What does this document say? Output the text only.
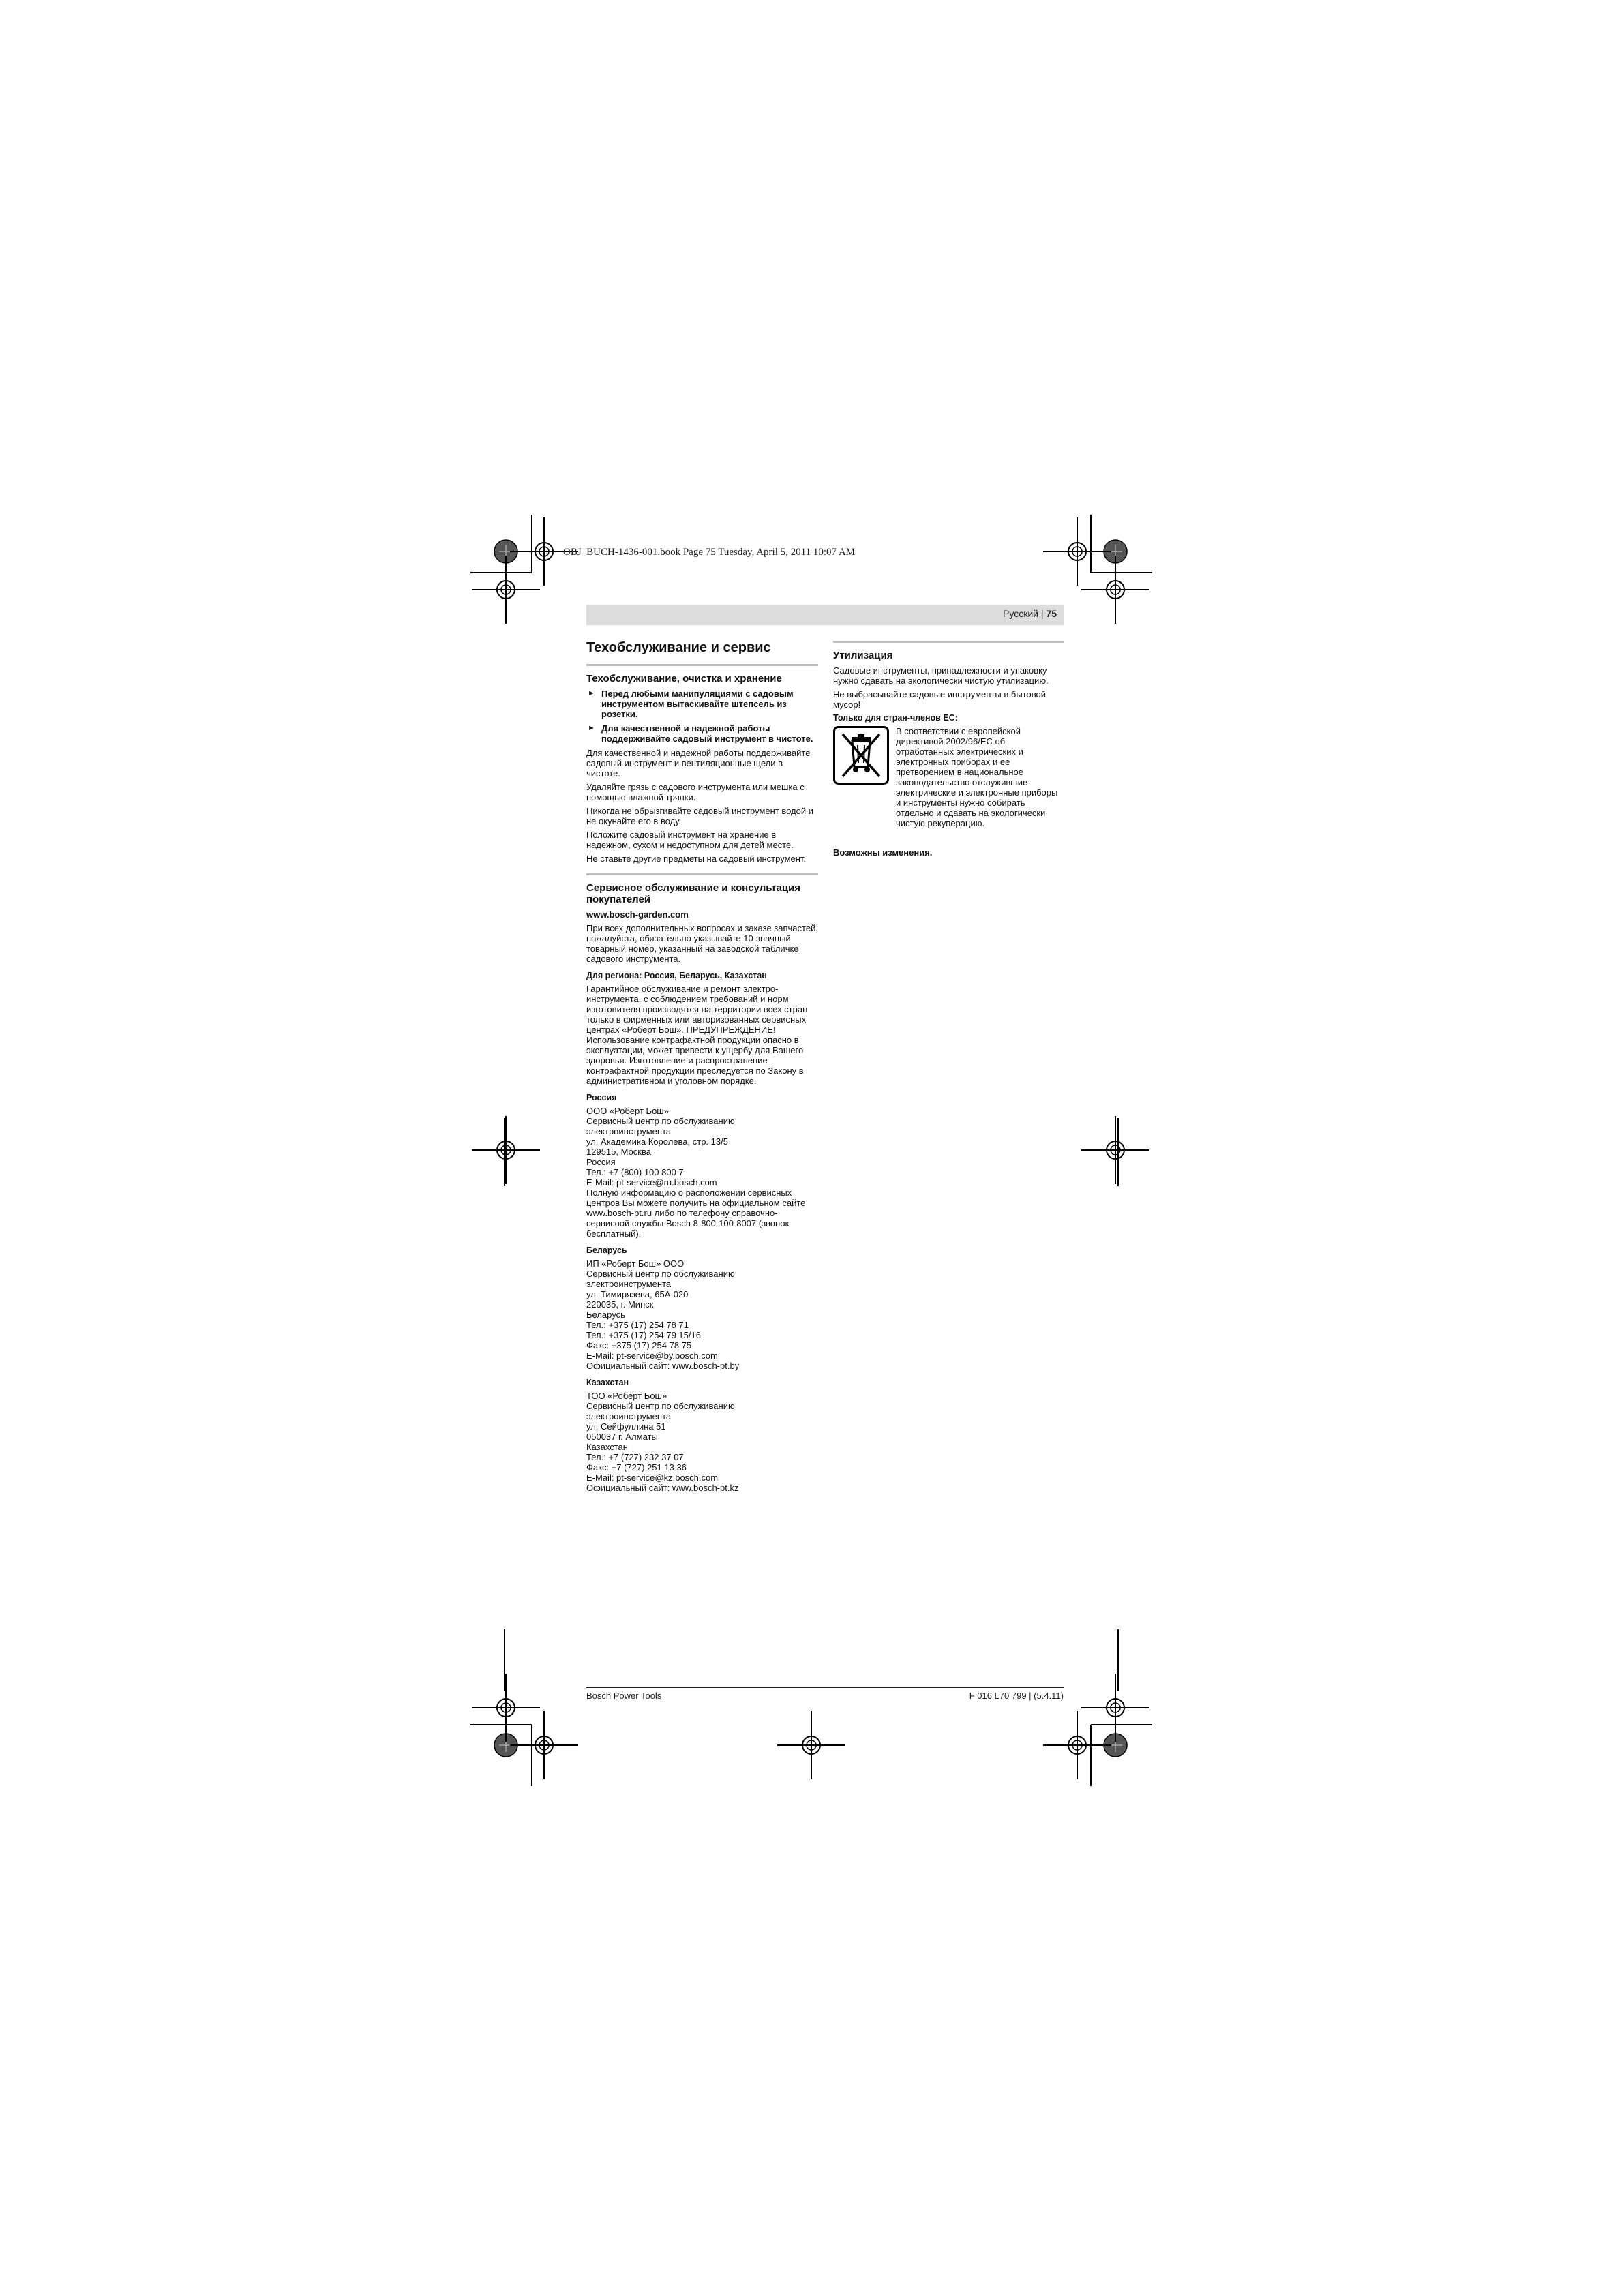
OBJ_BUCH-1436-001.book Page 75 Tuesday, April 5, 2011 10:07 AM
Русский | 75
Техобслуживание и сервис
Техобслуживание, очистка и хранение
► Перед любыми манипуляциями с садовым инструментом вытаскивайте штепсель из розетки.
► Для качественной и надежной работы поддерживайте садовый инструмент в чистоте.

Для качественной и надежной работы поддерживайте садовый инструмент и вентиляционные щели в чистоте.

Удаляйте грязь с садового инструмента или мешка с помощью влажной тряпки.

Никогда не обрызгивайте садовый инструмент водой и не окунайте его в воду.

Положите садовый инструмент на хранение в надежном, сухом и недоступном для детей месте.

Не ставьте другие предметы на садовый инструмент.

Сервисное обслуживание и консультация покупателей

www.bosch-garden.com

При всех дополнительных вопросах и заказе запчастей, пожалуйста, обязательно указывайте 10-значный товарный номер, указанный на заводской табличке садового инструмента.

Для региона: Россия, Беларусь, Казахстан

Гарантийное обслуживание и ремонт электро-инструмента, с соблюдением требований и норм изготовителя производятся на территории всех стран только в фирменных или авторизованных сервисных центрах «Роберт Бош». ПРЕДУПРЕЖДЕНИЕ! Использование контрафактной продукции опасно в эксплуатации, может привести к ущербу для Вашего здоровья. Изготовление и распространение контрафактной продукции преследуется по Закону в административном и уголовном порядке.

Россия

ООО «Роберт Бош»
Сервисный центр по обслуживанию
электроинструмента
ул. Академика Королева, стр. 13/5
129515, Москва
Россия
Тел.: +7 (800) 100 800 7
E-Mail: pt-service@ru.bosch.com
Полную информацию о расположении сервисных
центров Вы можете получить на официальном сайте
www.bosch-pt.ru либо по телефону справочно-
сервисной службы Bosch 8-800-100-8007 (звонок
бесплатный).

Беларусь

ИП «Роберт Бош» ООО
Сервисный центр по обслуживанию
электроинструмента
ул. Тимирязева, 65А-020
220035, г. Минск
Беларусь
Тел.: +375 (17) 254 78 71
Тел.: +375 (17) 254 79 15/16
Факс: +375 (17) 254 78 75
E-Mail: pt-service@by.bosch.com
Официальный сайт: www.bosch-pt.by

Казахстан

ТОО «Роберт Бош»
Сервисный центр по обслуживанию
электроинструмента
ул. Сейфуллина 51
050037 г. Алматы
Казахстан
Тел.: +7 (727) 232 37 07
Факс: +7 (727) 251 13 36
E-Mail: pt-service@kz.bosch.com
Официальный сайт: www.bosch-pt.kz
Утилизация

Садовые инструменты, принадлежности и упаковку нужно сдавать на экологически чистую утилизацию.

Не выбрасывайте садовые инструменты в бытовой мусор!

Только для стран-членов ЕС:

В соответствии с европейской директивой 2002/96/ЕС об отработанных электрических и электронных приборах и ее претворением в национальное законодательство отслужившие электрические и электронные приборы и инструменты нужно собирать отдельно и сдавать на экологически чистую рекуперацию.

Возможны изменения.

Bosch Power Tools	F 016 L70 799 | (5.4.11)
